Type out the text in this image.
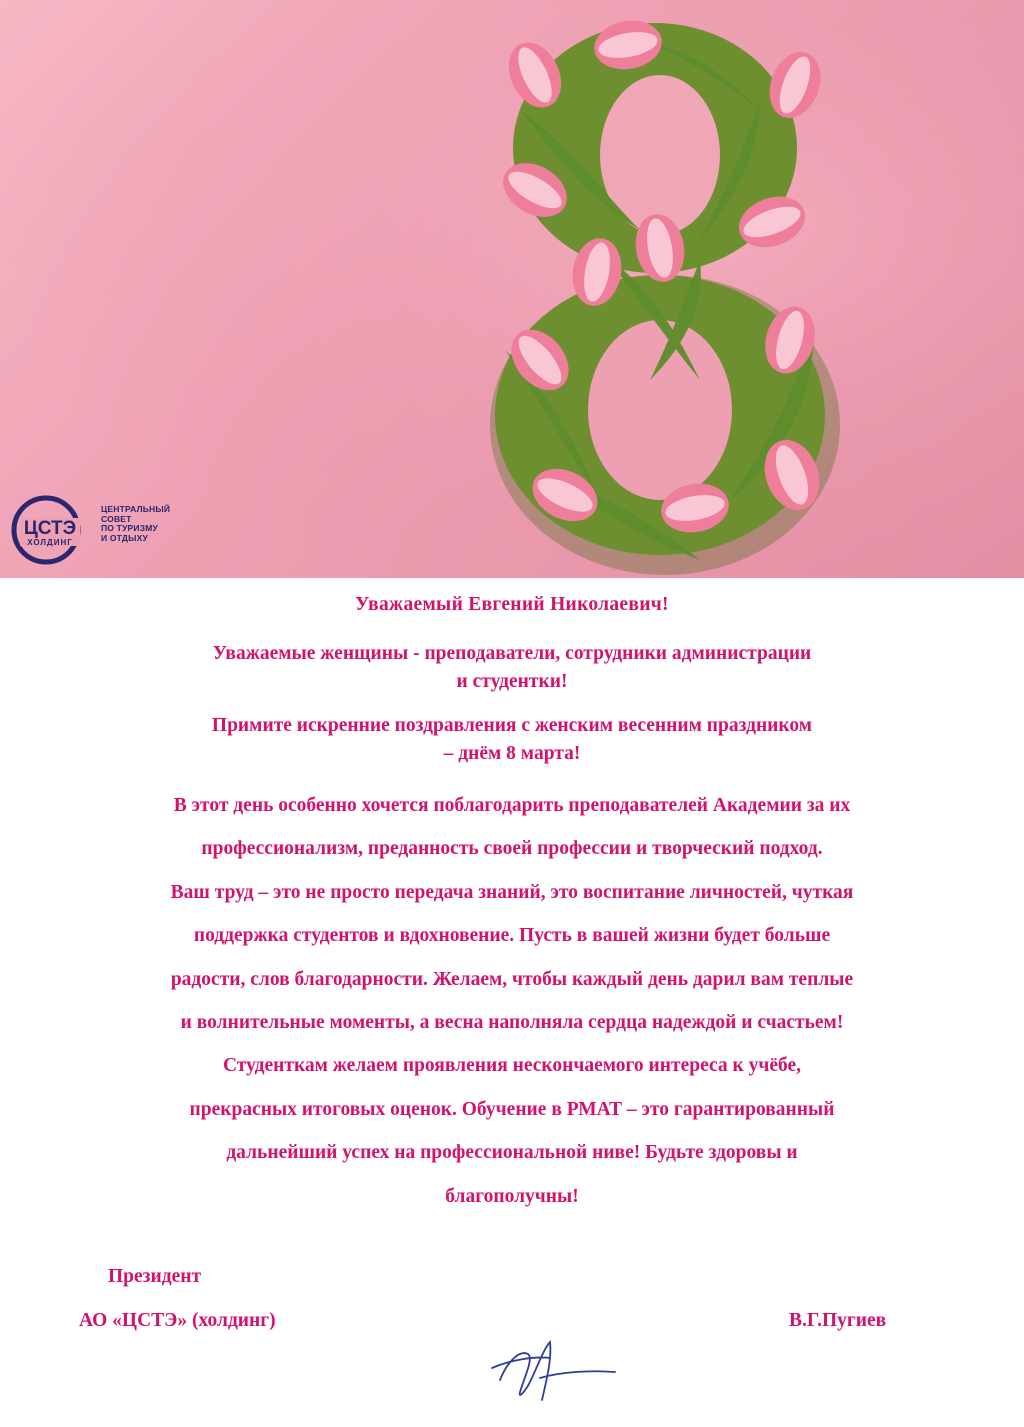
ЦСТЭ
ХОЛДИНГ
ЦЕНТРАЛЬНЫЙ
СОВЕТ
ПО ТУРИЗМУ
И ОТДЫХУ

Уважаемый Евгений Николаевич!

Уважаемые женщины - преподаватели, сотрудники администрации
и студентки!

Примите искренние поздравления с женским весенним праздником
– днём 8 марта!

В этот день особенно хочется поблагодарить преподавателей Академии за их
профессионализм, преданность своей профессии и творческий подход.
Ваш труд – это не просто передача знаний, это воспитание личностей, чуткая
поддержка студентов и вдохновение. Пусть в вашей жизни будет больше
радости, слов благодарности. Желаем, чтобы каждый день дарил вам теплые
и волнительные моменты, а весна наполняла сердца надеждой и счастьем!
Студенткам желаем проявления нескончаемого интереса к учёбе,
прекрасных итоговых оценок. Обучение в РМАТ – это гарантированный
дальнейший успех на профессиональной ниве! Будьте здоровы и
благополучны!

Президент

АО «ЦСТЭ» (холдинг)	В.Г.Пугиев
